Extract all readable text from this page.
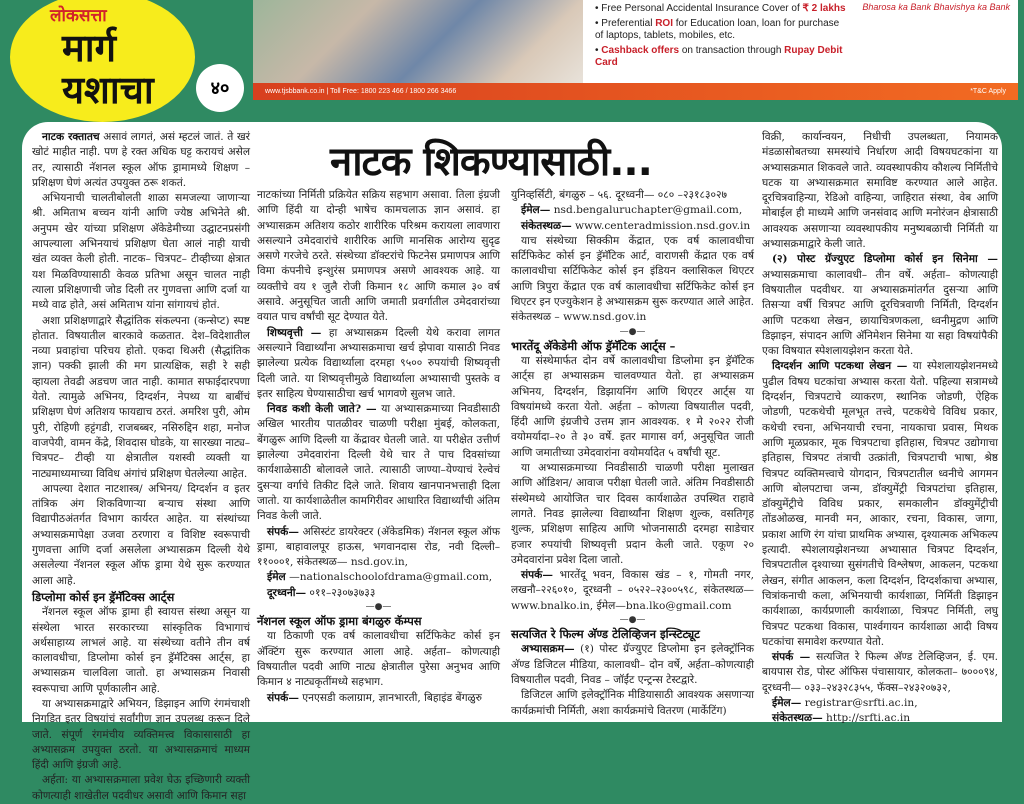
लोकसत्ता
मार्ग
यशाचा	४०
Bharosa ka Bank Bhavishya ka Bank
• Free Personal Accidental Insurance Cover of ₹ 2 lakhs
• Preferential ROI for Education loan, loan for purchase of laptops, tablets, mobiles, etc.
• Cashback offers on transaction through Rupay Debit Card
www.tjsbbank.co.in | Toll Free: 1800 223 466 / 1800 266 3466	*T&C Apply
नाटक शिकण्यासाठी...

नाटक रक्तातच असावं लागतं, असं म्हटलं जातं. ते खरं खोटं माहीत नाही. पण हे रक्त अधिक घट्ट करायचं असेल तर, त्यासाठी नॅशनल स्कूल ऑफ ड्रामामध्ये शिक्षण –प्रशिक्षण घेणं अत्यंत उपयुक्त ठरू शकतं.

अभियनाची चालतीबोलती शाळा समजल्या जाणाऱ्या श्री. अमिताभ बच्चन यांनी आणि ज्येष्ठ अभिनेते श्री. अनुपम खेर यांच्या प्रशिक्षण अ‍ॅकेडेमीच्या उद्घाटनप्रसंगी आपल्याला अभिनयाचं प्रशिक्षण घेता आलं नाही याची खंत व्यक्त केली होती. नाटक– चित्रपट– टीव्हीच्या क्षेत्रात यश मिळविण्यासाठी केवळ प्रतिभा असून चालत नाही त्याला प्रशिक्षणाची जोड दिली तर गुणवत्ता आणि दर्जा या मध्ये वाढ होते, असं अमिताभ यांना सांगायचं होतं.

अशा प्रशिक्षणाद्वारे सैद्धांतिक संकल्पना (कन्सेप्ट) स्पष्ट होतात. विषयातील बारकावे कळतात. देश–विदेशातील नव्या प्रवाहांचा परिचय होतो. एकदा थिअरी (सैद्धांतिक ज्ञान) पक्की झाली की मग प्रात्यक्षिक, सही रे सही व्हायला तेवढी अडचण जात नाही. कामात सफाईदारपणा येतो. त्यामुळे अभिनय, दिग्दर्शन, नेपथ्य या बाबींचं प्रशिक्षण घेणं अतिशय फायद्याच ठरतं. अमरिश पुरी, ओम पुरी, रोहिणी हट्टंगडी, राजबब्बर, नसिरुद्दिन शहा, मनोज वाजपेयी, वामन केंद्रे, शिवदास घोडके, या सारख्या नाट्य– चित्रपट– टीव्ही या क्षेत्रातील यशस्वी व्यक्ती या नाट्यमाध्यमाच्या विविध अंगांचं प्रशिक्षण घेतलेल्या आहेत.

आपल्या देशात नाटशास्त्र/ अभिनय/ दिग्दर्शन व इतर तांत्रिक अंग शिकविणाऱ्या बऱ्याच संस्था आणि विद्यापीठअंतर्गत विभाग कार्यरत आहेत. या संस्थांच्या अभ्यासक्रमापेक्षा उजवा ठरणारा व विशिष्ट स्वरूपाची गुणवत्ता आणि दर्जा असलेला अभ्यासक्रम दिल्ली येथे असलेल्या नॅशनल स्कूल ऑफ ड्रामा येथे सुरू करण्यात आला आहे.

डिप्लोमा कोर्स इन ड्रॅमॅटिक्स आर्ट्स

नॅशनल स्कूल ऑफ ड्रामा ही स्वायत्त संस्था असून या संस्थेला भारत सरकारच्या सांस्कृतिक विभागाचं अर्थसाहाय्य लाभलं आहे. या संस्थेच्या वतीने तीन वर्ष कालावधीचा, डिप्लोमा कोर्स इन ड्रॅमॅटिक्स आर्ट्स, हा अभ्यासक्रम चालविला जातो. हा अभ्यासक्रम निवासी स्वरूपाचा आणि पूर्णकालीन आहे.

या अभ्यासक्रमाद्वारे अभियन, डिझाइन आणि रंगमंचाशी निगडित इतर विषयांचं सर्वांगीण ज्ञान उपलब्ध करून दिले जाते. संपूर्ण रंगमंचीय व्यक्तिमत्त्व विकासासाठी हा अभ्यासक्रम उपयुक्त ठरतो. या अभ्यासक्रमाचं माध्यम हिंदी आणि इंग्रजी आहे.

अर्हता: या अभ्यासक्रमाला प्रवेश घेऊ इच्छिणारी व्यक्ती कोणत्याही शाखेतील पदवीधर असावी आणि किमान सहा

नाटकांच्या निर्मिती प्रक्रियेत सक्रिय सहभाग असावा. तिला इंग्रजी आणि हिंदी या दोन्ही भाषेच कामचलाऊ ज्ञान असावं. हा अभ्यासक्रम अतिशय कठोर शारीरिक परिश्रम करायला लावणारा असल्याने उमेदवारांचे शारीरिक आणि मानसिक आरोग्य सुदृढ असणे गरजेचे ठरते. संस्थेच्या डॉक्टरांचे फिटनेस प्रमाणपत्र आणि विमा कंपनीचे इन्शुरंस प्रमाणपत्र असणे आवश्यक आहे. या व्यक्तीचे वय १ जुलै रोजी किमान १८ आणि कमाल ३० वर्ष असावे. अनुसूचित जाती आणि जमाती प्रवर्गातील उमेदवारांच्या वयात पाच वर्षांची सूट देण्यात येते.

शिष्यवृत्ती — हा अभ्यासक्रम दिल्ली येथे करावा लागत असल्याने विद्यार्थ्यांना अभ्यासक्रमाचा खर्च झेपावा यासाठी निवड झालेल्या प्रत्येक विद्यार्थ्याला दरमहा ९५०० रुपयांची शिष्यवृत्ती दिली जाते. या शिष्यवृत्तीमुळे विद्यार्थ्याला अभ्यासाची पुस्तके व इतर साहित्य घेण्यासाठीचा खर्च भागवणे सुलभ जाते.

निवड कशी केली जाते? — या अभ्यासक्रमाच्या निवडीसाठी अखिल भारतीय पातळीवर चाळणी परीक्षा मुंबई, कोलकता, बेंगळुरू आणि दिल्ली या केंद्रावर घेतली जाते. या परीक्षेत उत्तीर्ण झालेल्या उमेदवारांना दिल्ली येथे चार ते पाच दिवसांच्या कार्यशाळेसाठी बोलावले जाते. त्यासाठी जाण्या–येण्याचं रेल्वेचं दुसऱ्या वर्गाचे तिकीट दिले जाते. शिवाय खानपानभत्ताही दिला जातो. या कार्यशाळेतील कामगिरीवर आधारित विद्यार्थ्यांची अंतिम निवड केली जाते.

संपर्क— असिस्टंट डायरेक्टर (अ‍ॅकेडमिक) नॅशनल स्कूल ऑफ ड्रामा, बाहावालपूर हाऊस, भगवानदास रोड, नवी दिल्ली– ११०००१, संकेतस्थळ— nsd.gov.in,

ईमेल —nationalschoolofdrama@gmail.com,

दूरध्वनी— ०११–२३०७३७३३

—●—
नॅशनल स्कूल ऑफ ड्रामा बंगळुरु कॅम्पस

या ठिकाणी एक वर्ष कालावधीचा सर्टिफिकेट कोर्स इन अ‍ॅक्टिंग सुरू करण्यात आला आहे. अर्हता– कोणत्याही विषयातील पदवी आणि नाट्य क्षेत्रातील पुरेसा अनुभव आणि किमान ४ नाट्यकृतींमध्ये सहभाग.

संपर्क— एनएसडी कलाग्राम, ज्ञानभारती, बिहाइंड बेंगळुरु

युनिव्हर्सिटी, बंगळुरु – ५६. दूरध्वनी— ०८० –२३१८३०२७

ईमेल— nsd.bengaluruchapter@gmail.com,

संकेतस्थळ— www.centeradmission.nsd.gov.in

याच संस्थेच्या सिक्कीम केंद्रात, एक वर्ष कालावधीचा सर्टिफिकेट कोर्स इन ड्रॅमॅटिक आर्ट, वाराणसी केंद्रात एक वर्ष कालावधीचा सर्टिफिकेट कोर्स इन इंडियन क्लासिकल थिएटर आणि त्रिपुरा केंद्रात एक वर्ष कालावधीचा सर्टिफिकेट कोर्स इन थिएटर इन एज्युकेशन हे अभ्यासक्रम सुरू करण्यात आले आहेत. संकेतस्थळ – www.nsd.gov.in

—●—
भारतेंदू अ‍ॅकेडेमी ऑफ ड्रॅमॅटिक आर्ट्स –

या संस्थेमार्फत दोन वर्षे कालावधीचा डिप्लोमा इन ड्रॅमॅटिक आर्ट्स हा अभ्यासक्रम चालवण्यात येतो. हा अभ्यासक्रम अभिनय, दिग्दर्शन, डिझायनिंग आणि थिएटर आर्ट्स या विषयांमध्ये करता येतो. अर्हता – कोणत्या विषयातील पदवी, हिंदी आणि इंग्रजीचे उत्तम ज्ञान आवश्यक. १ मे २०२२ रोजी वयोमर्यादा–२० ते ३० वर्षे. इतर मागास वर्ग, अनुसूचित जाती आणि जमातीच्या उमेदवारांना वयोमर्यादेत ५ वर्षांची सूट.

या अभ्यासक्रमाच्या निवडीसाठी चाळणी परीक्षा मुलाखत आणि ऑडिशन/ आवाज परीक्षा घेतली जाते. अंतिम निवडीसाठी संस्थेमध्ये आयोजित चार दिवस कार्यशाळेत उपस्थित राहावे लागते. निवड झालेल्या विद्यार्थ्यांना शिक्षण शुल्क, वसतिगृह शुल्क, प्रशिक्षण साहित्य आणि भोजनासाठी दरमहा साडेचार हजार रुपयांची शिष्यवृत्ती प्रदान केली जाते. एकूण २० उमेदवारांना प्रवेश दिला जातो.

संपर्क— भारतेंदू भवन, विकास खंड – १, गोमती नगर, लखनौ–२२६०१०, दूरध्वनी – ०५२२–२३००५९८, संकेतस्थळ— www.bnalko.in, ईमेल—bna.lko@gmail.com

—●—
सत्यजित रे फिल्म अ‍ॅण्ड टेलिव्हिजन इन्स्टिट्यूट

अभ्यासक्रम— (१) पोस्ट ग्रॅज्युएट डिप्लोमा इन इलेक्ट्रॉनिक अ‍ॅण्ड डिजिटल मीडिया, कालावधी– दोन वर्षे, अर्हता–कोणत्याही विषयातील पदवी, निवड – जॉईंट एन्ट्रन्स टेस्टद्वारे.

डिजिटल आणि इलेक्ट्रॉनिक मीडियासाठी आवश्यक असणाऱ्या कार्यक्रमांची निर्मिती, अशा कार्यक्रमांचे वितरण (मार्केटिंग)

विक्री, कार्यान्वयन, निधीची उपलब्धता, नियामक मंडळासोबतच्या समस्यांचे निर्धारण आदी विषयघटकांना या अभ्यासक्रमात शिकवले जाते. व्यवस्थापकीय कौशल्य निर्मितीचे घटक या अभ्यासक्रमात समाविष्ट करण्यात आले आहेत. दूरचित्रवाहिन्या, रेडिओ वाहिन्या, जाहिरात संस्था, वेब आणि मोबाईल ही माध्यमे आणि जनसंवाद आणि मनोरंजन क्षेत्रासाठी आवश्यक असणाऱ्या व्यवस्थापकीय मनुष्यबळाची निर्मिती या अभ्यासक्रमाद्वारे केली जाते.

(२) पोस्ट ग्रॅज्युएट डिप्लोमा कोर्स इन सिनेमा — अभ्यासक्रमाचा कालावधी– तीन वर्षे. अर्हता– कोणत्याही विषयातील पदवीधर. या अभ्यासक्रमांतर्गत दुसऱ्या आणि तिसऱ्या वर्षी चित्रपट आणि दूरचित्रवाणी निर्मिती, दिग्दर्शन आणि पटकथा लेखन, छायाचित्रणकला, ध्वनीमुद्रण आणि डिझाइन, संपादन आणि अ‍ॅनिमेशन सिनेमा या सहा विषयांपैकी एका विषयात स्पेशलायझेशन करता येते.

दिग्दर्शन आणि पटकथा लेखन — या स्पेशलायझेशनमध्ये पुढील विषय घटकांचा अभ्यास करता येतो. पहिल्या सत्रामध्ये दिग्दर्शन, चित्रपटाचे व्याकरण, स्थानिक जोडणी, ऐहिक जोडणी, पटकथेची मूलभूत तत्त्वे, पटकथेचे विविध प्रकार, कथेची रचना, अभिनयाची रचना, नायकाचा प्रवास, मिथक आणि मूळप्रकार, मूक चित्रपटाचा इतिहास, चित्रपट उद्योगाचा इतिहास, चित्रपट तंत्राची उत्क्रांती, चित्रपटाची भाषा, श्रेष्ठ चित्रपट व्यक्तिमत्त्वाचे योगदान, चित्रपटातील ध्वनीचे आगमन आणि बोलपटाचा जन्म, डॉक्युमेंट्री चित्रपटांचा इतिहास, डॉक्युमेंट्रीचे विविध प्रकार, समकालीन डॉक्युमेंट्रीची तोंडओळख, मानवी मन, आकार, रचना, विकास, जागा, प्रकाश आणि रंग यांचा प्राथमिक अभ्यास, दृश्यात्मक अभिकल्प इत्यादी. स्पेशलायझेशनच्या अभ्यासात चित्रपट दिग्दर्शन, चित्रपटातील दृश्याच्या सुसंगतीचे विश्लेषण, आकलन, पटकथा लेखन, संगीत आकलन, कला दिग्दर्शन, दिग्दर्शकाचा अभ्यास, चित्रांकनाची कला, अभिनयाची कार्यशाळा, निर्मिती डिझाइन कार्यशाळा, कार्यप्रणाली कार्यशाळा, चित्रपट निर्मिती, लघु चित्रपट पटकथा विकास, पार्श्वगायन कार्यशाळा आदी विषय घटकांचा समावेश करण्यात येतो.

संपर्क — सत्यजित रे फिल्म अ‍ॅण्ड टेलिव्हिजन, ई. एम. बायपास रोड, पोस्ट ऑफिस पंचासायार, कोलकता– ७०००९४, दूरध्वनी— ०३३–२४३२८३५५, फॅक्स–२४३२०७३२,

ईमेल— registrar@srfti.ac.in,

संकेतस्थळ— http://srfti.ac.in
